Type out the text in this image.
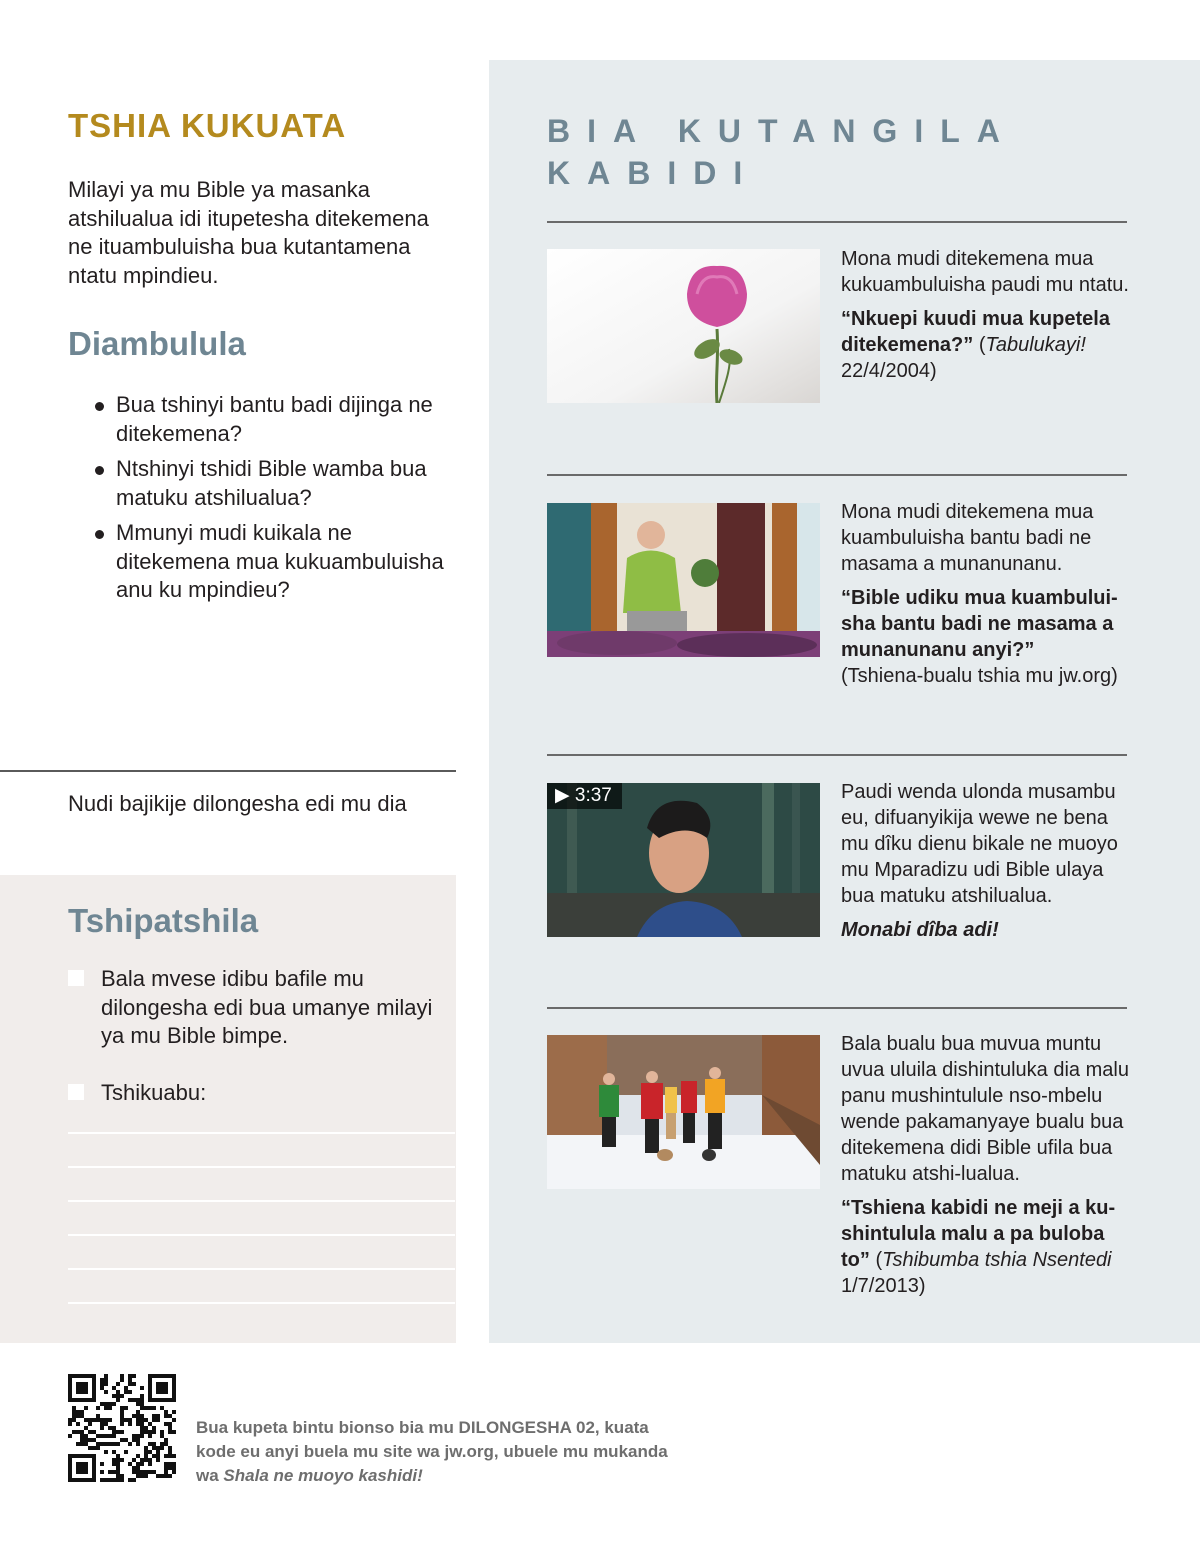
TSHIA KUKUATA

Milayi ya mu Bible ya masanka atshilualua idi itupetesha ditekemena ne ituambuluisha bua kutantamena ntatu mpindieu.

Diambulula
Bua tshinyi bantu badi dijinga ne ditekemena?
Ntshinyi tshidi Bible wamba bua matuku atshilualua?
Mmunyi mudi kuikala ne ditekemena mua kukuambuluisha anu ku mpindieu?
Nudi bajikije dilongesha edi mu dia
Tshipatshila
Bala mvese idibu bafile mu dilongesha edi bua umanye milayi ya mu Bible bimpe.
Tshikuabu:
BIA KUTANGILA
KABIDI
Mona mudi ditekemena mua kukuambuluisha paudi mu ntatu.
“Nkuepi kuudi mua kupetela ditekemena?” (Tabulukayi! 22/4/2004)
Mona mudi ditekemena mua kuambuluisha bantu badi ne masama a munanunanu.
“Bible udiku mua kuambului-sha bantu badi ne masama a munanunanu anyi?”
(Tshiena-bualu tshia mu jw.org)
▶ 3:37	Paudi wenda ulonda musambu eu, difuanyikija wewe ne bena mu dîku dienu bikale ne muoyo mu Mparadizu udi Bible ulaya bua matuku atshilualua.
Monabi dîba adi!
Bala bualu bua muvua muntu uvua uluila dishintuluka dia malu panu mushintulule nso-mbelu wende pakamanyaye bualu bua ditekemena didi Bible ufila bua matuku atshi-lualua.
“Tshiena kabidi ne meji a ku-shintulula malu a pa buloba to” (Tshibumba tshia Nsentedi 1/7/2013)
Bua kupeta bintu bionso bia mu DILONGESHA 02, kuata kode eu anyi buela mu site wa jw.org, ubuele mu mukanda wa Shala ne muoyo kashidi!
